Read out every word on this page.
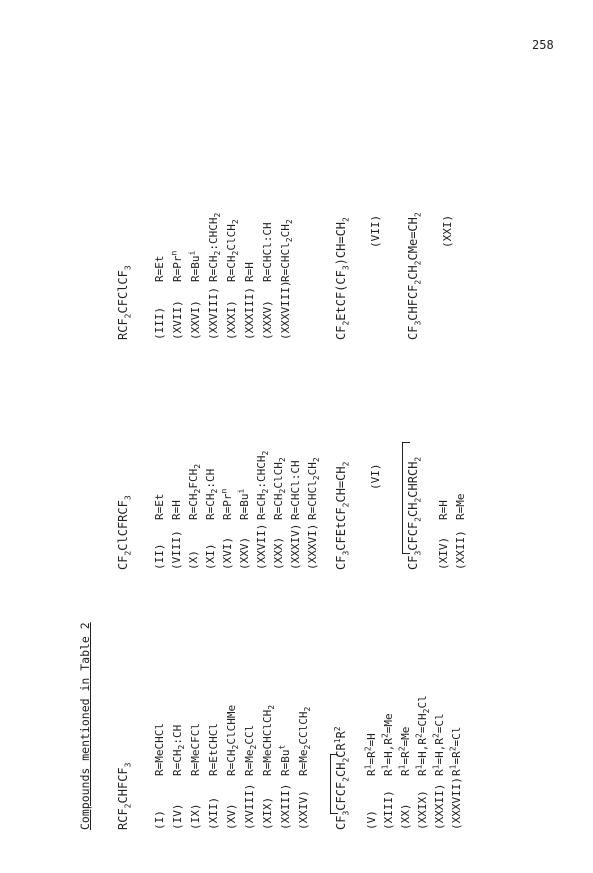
258
Compounds mentioned in Table 2 $RCF_2CHFCF_3$
(I)
R=MeCHCl
(IV)
$R=CH_2:CH$
(IX)
R=MeCFCl
(XII)
R=EtCHCl
(XV)
$R=CH_2ClCHMe$
(XVIII)
$R=Me_2CCl$
(XIX)
R=MeCHClCH$_2$
(XXIII)
$R=Bu^t$
(XXIV)
$R=Me_2CClCH_2$
$CF_3CFCF_2CH_2CR^1R^2$
(V)
$R^1=R^2=H$
(XIII)
$R^1=H,R^2=Me$
(XX)
$R^1=R^2=Me$
(XXIX)
$R^1=H,R^2=CH_2Cl$
(XXXII)
$R^1=H,R^2=Cl$
(XXXVII)
$R^1=R^2=Cl$
$CF_2ClCFRCF_3$
(II)
R=Et
(VIII)
R=H
(X)
$R=CH_2FCH_2$
(XI)
$R=CH_2:CH$
(XVI)
$R=Pr^n$
(XXV)
$R=Bu^i$
(XXVII)
$R=CH_2:CHCH_2$
(XXX)
$R=CH_2ClCH_2$
(XXXIV)
R=CHCl:CH
(XXXVI)
$R=CHCl_2CH_2$
$CF_3CFEtCF_2CH=CH_2$ (VI)
$CF_3CFCF_2CH_2CHRCH_2$
(XIV)
R=H
(XXII)
R=Me
$RCF_2CFClCF_3$
(III)
R=Et
(XVII)
$R=Pr^n$
(XXVI)
$R=Bu^i$
(XXVIII)
$R=CH_2:CHCH_2$
(XXXI)
$R=CH_2ClCH_2$
(XXXIII)
R=H
(XXXV)
R=CHCl:CH
(XXXVIII)
$R=CHCl_2CH_2$
$CF_2EtCF(CF_3)CH=CH_2$ (VII)
$CF_3CHFCF_2CH_2CMe=CH_2$
(XXI)
